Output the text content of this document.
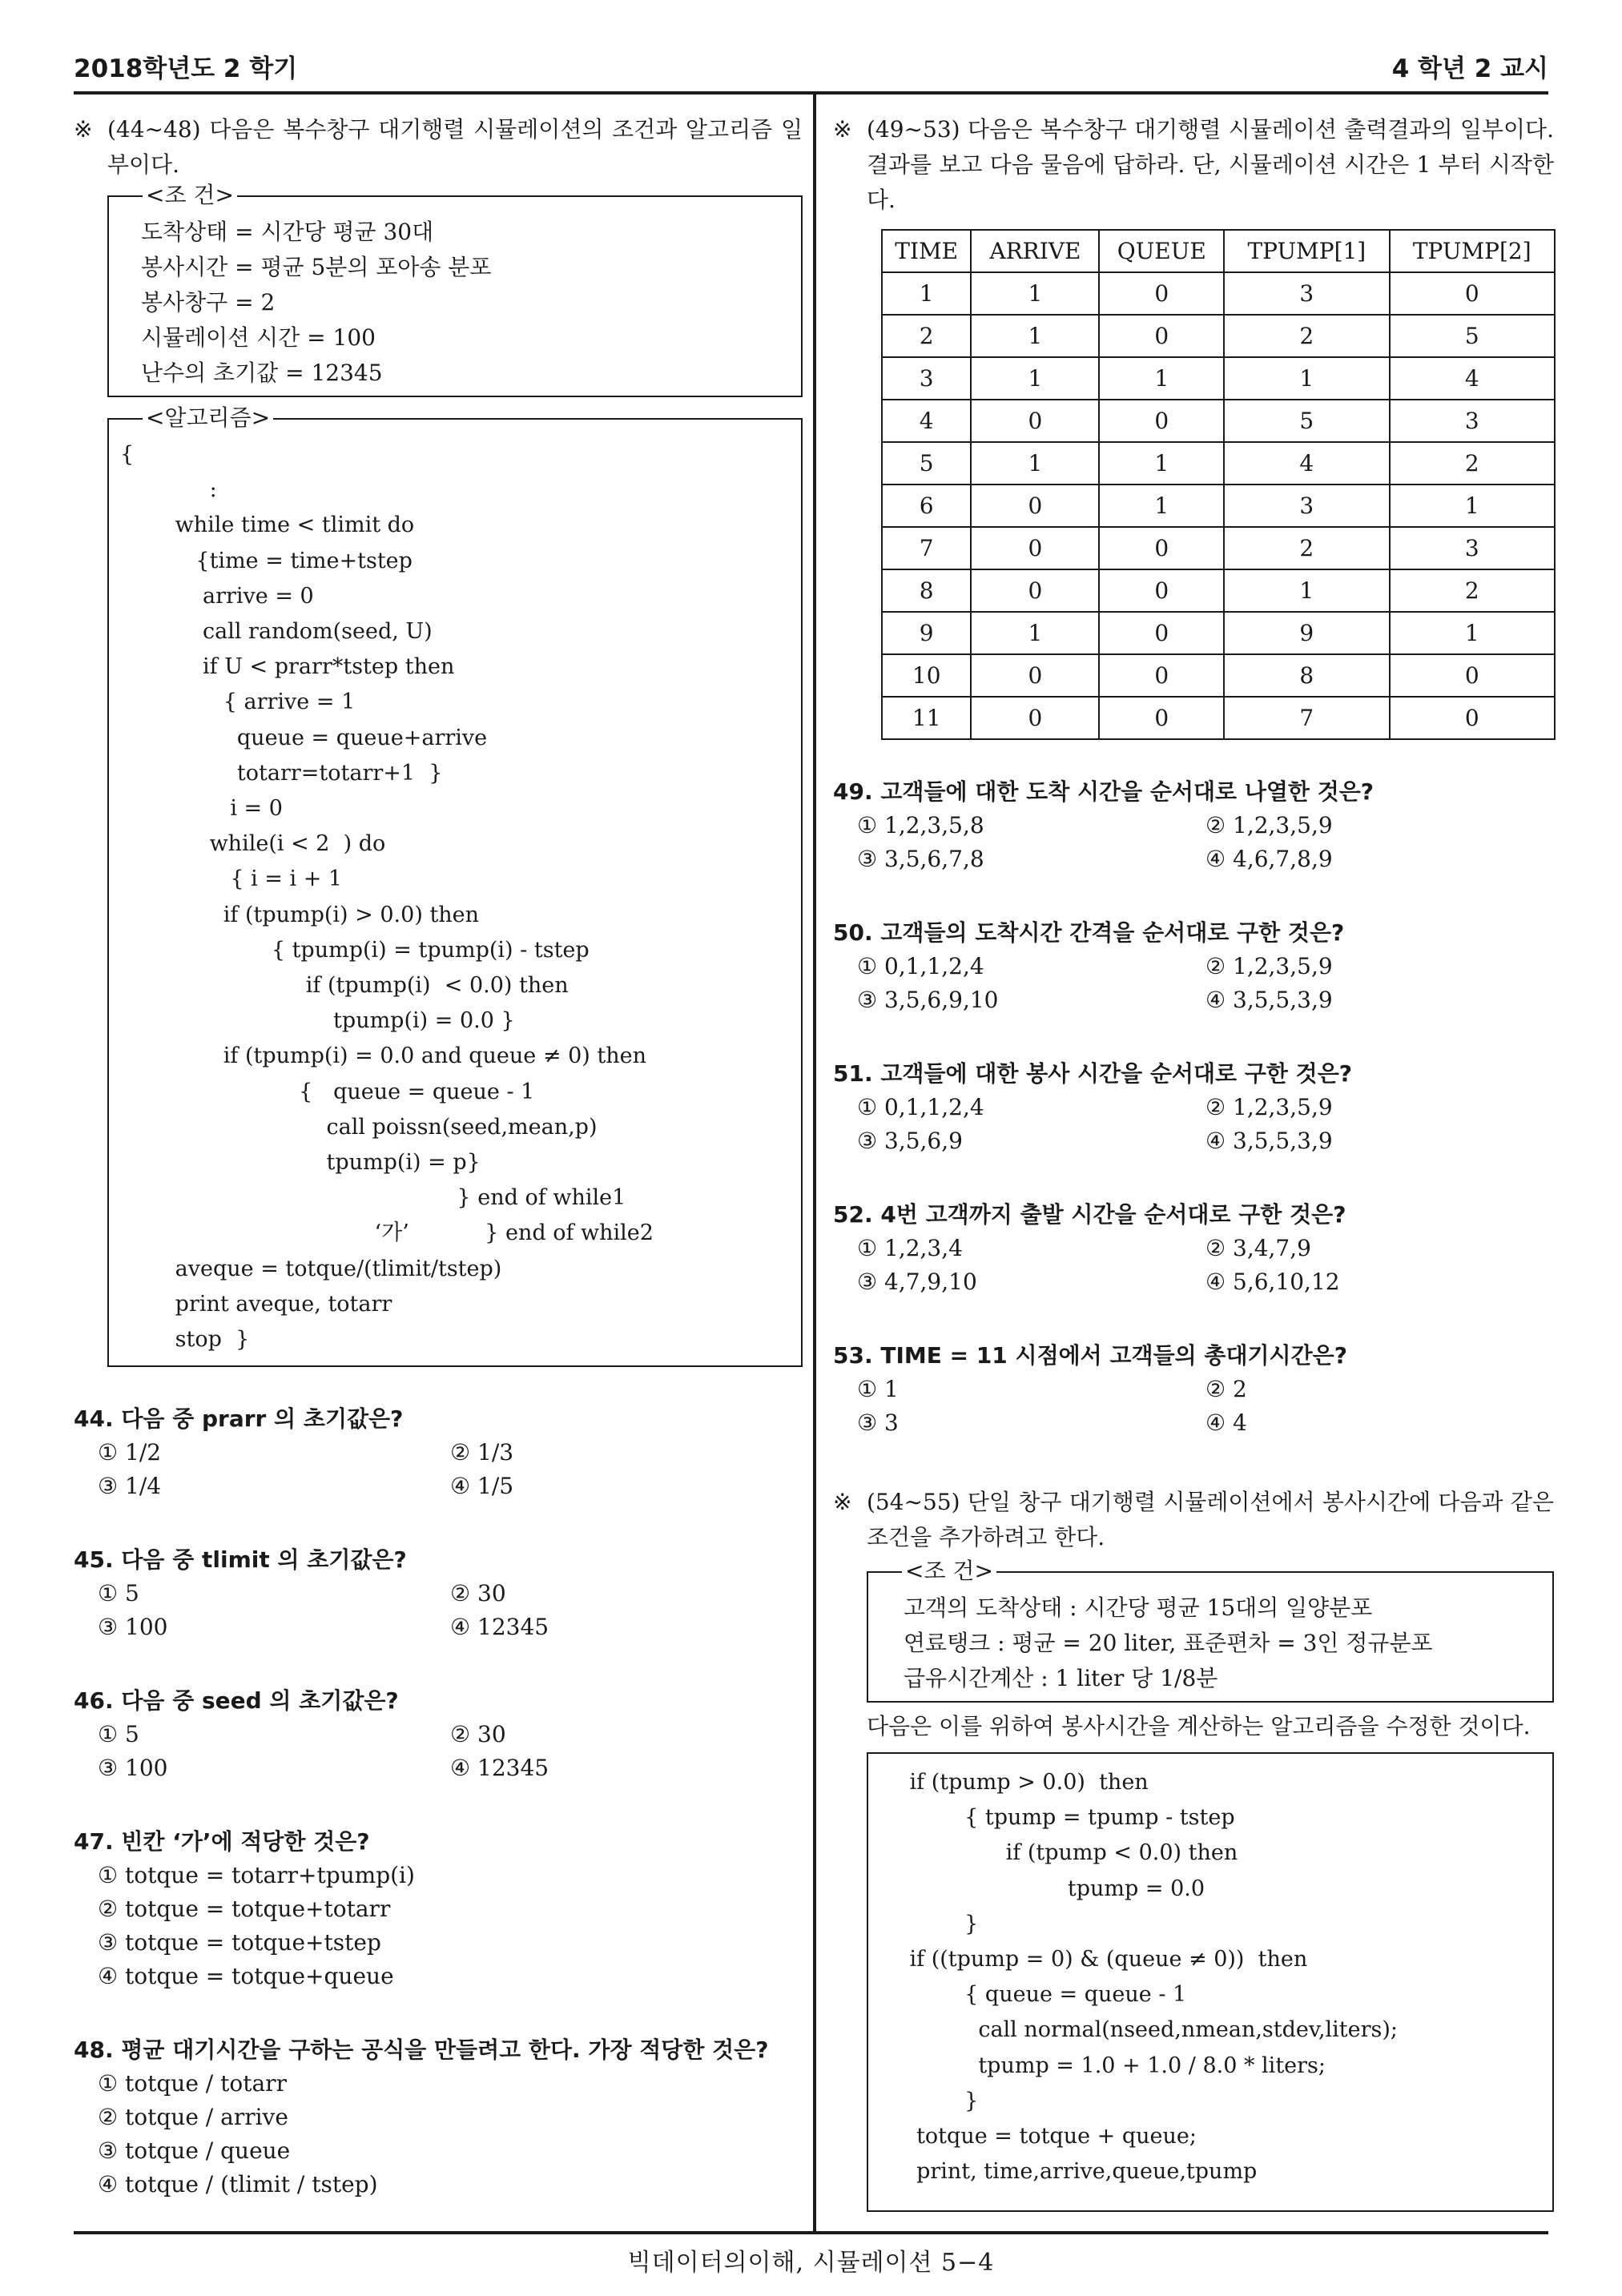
2018학년도 2 학기	4 학년 2 교시
※ (44∼48) 다음은 복수창구 대기행렬 시뮬레이션의 조건과 알고리즘 일부이다.
<조 건>
도착상태 = 시간당 평균 30대
봉사시간 = 평균 5분의 포아송 분포
봉사창구 = 2
시뮬레이션 시간 = 100
난수의 초기값 = 12345
<알고리즘>
{
:
while time < tlimit do
{time = time+tstep
arrive = 0
call random(seed, U)
if U < prarr*tstep then
{ arrive = 1
queue = queue+arrive
totarr=totarr+1  }
i = 0
while(i < 2  ) do
{ i = i + 1
if (tpump(i) > 0.0) then
{ tpump(i) = tpump(i) - tstep
if (tpump(i)  < 0.0) then
tpump(i) = 0.0 }
if (tpump(i) = 0.0 and queue ≠ 0) then
{   queue = queue - 1
call poissn(seed,mean,p)
tpump(i) = p}
} end of while1
‘가’           } end of while2
aveque = totque/(tlimit/tstep)
print aveque, totarr
stop  }
44. 다음 중 prarr 의 초기값은?
① 1/2	② 1/3
③ 1/4	④ 1/5
45. 다음 중 tlimit 의 초기값은?
① 5	② 30
③ 100	④ 12345
46. 다음 중 seed 의 초기값은?
① 5	② 30
③ 100	④ 12345
47. 빈칸 ‘가’에 적당한 것은?
① totque = totarr+tpump(i)
② totque = totque+totarr
③ totque = totque+tstep
④ totque = totque+queue
48. 평균 대기시간을 구하는 공식을 만들려고 한다. 가장 적당한 것은?
① totque / totarr
② totque / arrive
③ totque / queue
④ totque / (tlimit / tstep)
※ (49∼53) 다음은 복수창구 대기행렬 시뮬레이션 출력결과의 일부이다. 결과를 보고 다음 물음에 답하라. 단, 시뮬레이션 시간은 1 부터 시작한다.
TIME	ARRIVE	QUEUE	TPUMP[1]	TPUMP[2]
1	1	0	3	0
2	1	0	2	5
3	1	1	1	4
4	0	0	5	3
5	1	1	4	2
6	0	1	3	1
7	0	0	2	3
8	0	0	1	2
9	1	0	9	1
10	0	0	8	0
11	0	0	7	0
49. 고객들에 대한 도착 시간을 순서대로 나열한 것은?
① 1,2,3,5,8	② 1,2,3,5,9
③ 3,5,6,7,8	④ 4,6,7,8,9
50. 고객들의 도착시간 간격을 순서대로 구한 것은?
① 0,1,1,2,4	② 1,2,3,5,9
③ 3,5,6,9,10	④ 3,5,5,3,9
51. 고객들에 대한 봉사 시간을 순서대로 구한 것은?
① 0,1,1,2,4	② 1,2,3,5,9
③ 3,5,6,9	④ 3,5,5,3,9
52. 4번 고객까지 출발 시간을 순서대로 구한 것은?
① 1,2,3,4	② 3,4,7,9
③ 4,7,9,10	④ 5,6,10,12
53. TIME = 11 시점에서 고객들의 총대기시간은?
① 1	② 2
③ 3	④ 4
※ (54∼55) 단일 창구 대기행렬 시뮬레이션에서 봉사시간에 다음과 같은 조건을 추가하려고 한다.
<조 건>
고객의 도착상태 : 시간당 평균 15대의 일양분포
연료탱크 : 평균 = 20 liter, 표준편차 = 3인 정규분포
급유시간계산 : 1 liter 당 1/8분
다음은 이를 위하여 봉사시간을 계산하는 알고리즘을 수정한 것이다.
if (tpump > 0.0)  then
{ tpump = tpump - tstep
if (tpump < 0.0) then
tpump = 0.0
}
if ((tpump = 0) & (queue ≠ 0))  then
{ queue = queue - 1
call normal(nseed,nmean,stdev,liters);
tpump = 1.0 + 1.0 / 8.0 * liters;
}
totque = totque + queue;
print, time,arrive,queue,tpump
빅데이터의이해, 시뮬레이션 5−4
